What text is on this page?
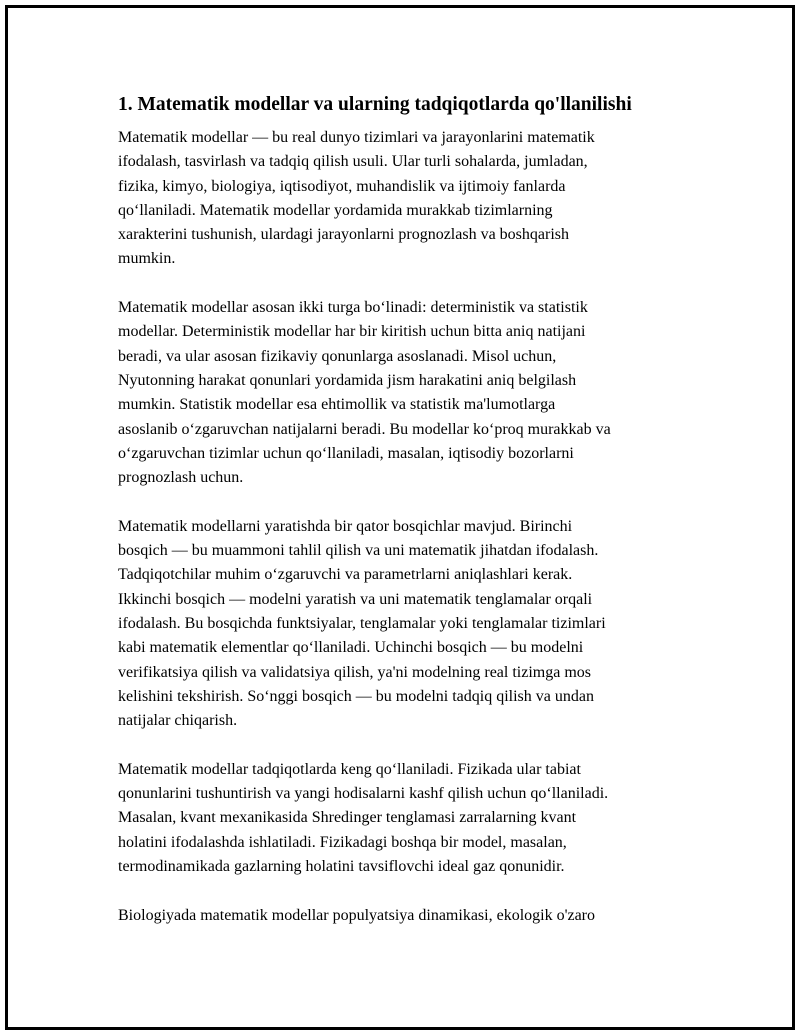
1. Matematik modellar va ularning tadqiqotlarda qo'llanilishi
Matematik modellar — bu real dunyo tizimlari va jarayonlarini matematik
ifodalash, tasvirlash va tadqiq qilish usuli. Ular turli sohalarda, jumladan,
fizika, kimyo, biologiya, iqtisodiyot, muhandislik va ijtimoiy fanlarda
qo‘llaniladi. Matematik modellar yordamida murakkab tizimlarning
xarakterini tushunish, ulardagi jarayonlarni prognozlash va boshqarish
mumkin.
Matematik modellar asosan ikki turga bo‘linadi: deterministik va statistik
modellar. Deterministik modellar har bir kiritish uchun bitta aniq natijani
beradi, va ular asosan fizikaviy qonunlarga asoslanadi. Misol uchun,
Nyutonning harakat qonunlari yordamida jism harakatini aniq belgilash
mumkin. Statistik modellar esa ehtimollik va statistik ma'lumotlarga
asoslanib o‘zgaruvchan natijalarni beradi. Bu modellar ko‘proq murakkab va
o‘zgaruvchan tizimlar uchun qo‘llaniladi, masalan, iqtisodiy bozorlarni
prognozlash uchun.
Matematik modellarni yaratishda bir qator bosqichlar mavjud. Birinchi
bosqich — bu muammoni tahlil qilish va uni matematik jihatdan ifodalash.
Tadqiqotchilar muhim o‘zgaruvchi va parametrlarni aniqlashlari kerak.
Ikkinchi bosqich — modelni yaratish va uni matematik tenglamalar orqali
ifodalash. Bu bosqichda funktsiyalar, tenglamalar yoki tenglamalar tizimlari
kabi matematik elementlar qo‘llaniladi. Uchinchi bosqich — bu modelni
verifikatsiya qilish va validatsiya qilish, ya'ni modelning real tizimga mos
kelishini tekshirish. So‘nggi bosqich — bu modelni tadqiq qilish va undan
natijalar chiqarish.
Matematik modellar tadqiqotlarda keng qo‘llaniladi. Fizikada ular tabiat
qonunlarini tushuntirish va yangi hodisalarni kashf qilish uchun qo‘llaniladi.
Masalan, kvant mexanikasida Shredinger tenglamasi zarralarning kvant
holatini ifodalashda ishlatiladi. Fizikadagi boshqa bir model, masalan,
termodinamikada gazlarning holatini tavsiflovchi ideal gaz qonunidir.
Biologiyada matematik modellar populyatsiya dinamikasi, ekologik o'zaro
